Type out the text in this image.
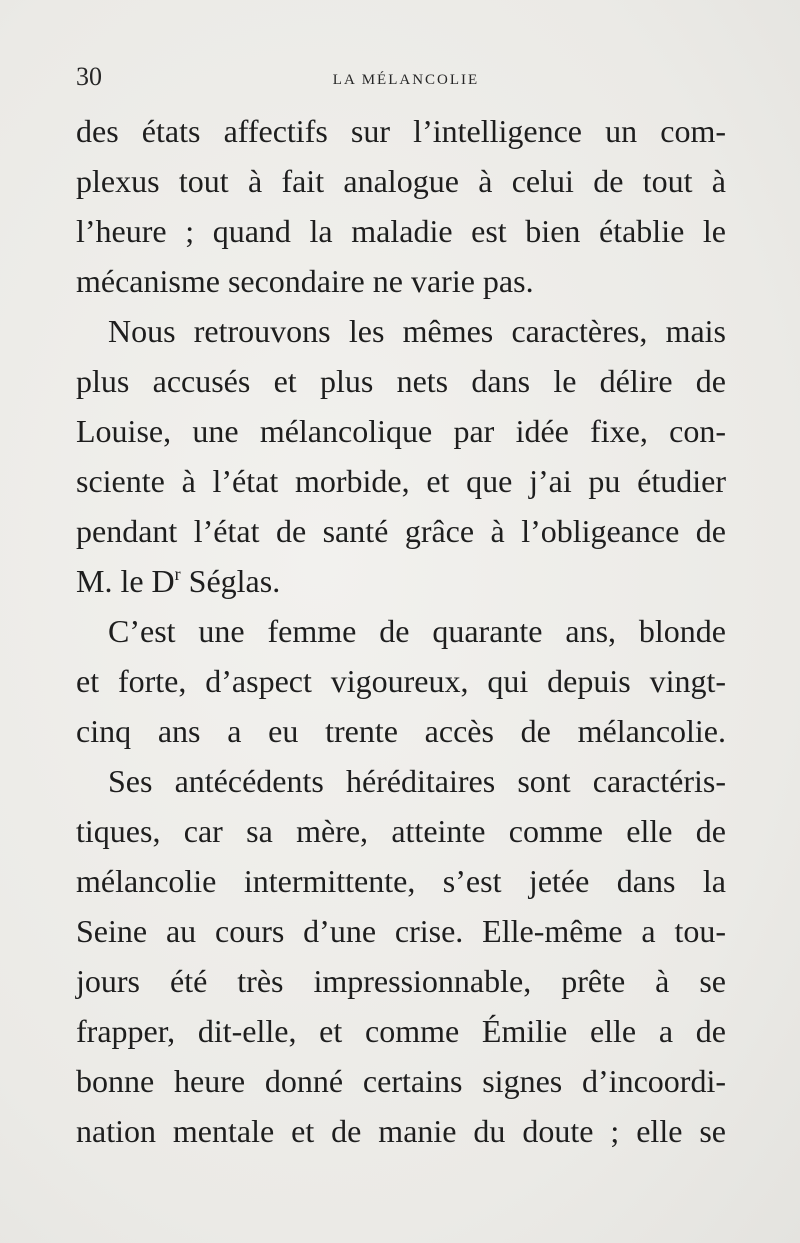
30	LA MÉLANCOLIE
des états affectifs sur l’intelligence un com-
plexus tout à fait analogue à celui de tout à
l’heure ; quand la maladie est bien établie le
mécanisme secondaire ne varie pas.
Nous retrouvons les mêmes caractères, mais
plus accusés et plus nets dans le délire de
Louise, une mélancolique par idée fixe, con-
sciente à l’état morbide, et que j’ai pu étudier
pendant l’état de santé grâce à l’obligeance de
M. le $D^r$ Séglas.
C’est une femme de quarante ans, blonde
et forte, d’aspect vigoureux, qui depuis vingt-
cinq ans a eu trente accès de mélancolie.
Ses antécédents héréditaires sont caractéris-
tiques, car sa mère, atteinte comme elle de
mélancolie intermittente, s’est jetée dans la
Seine au cours d’une crise. Elle-même a tou-
jours été très impressionnable, prête à se
frapper, dit-elle, et comme Émilie elle a de
bonne heure donné certains signes d’incoordi-
nation mentale et de manie du doute ; elle se
